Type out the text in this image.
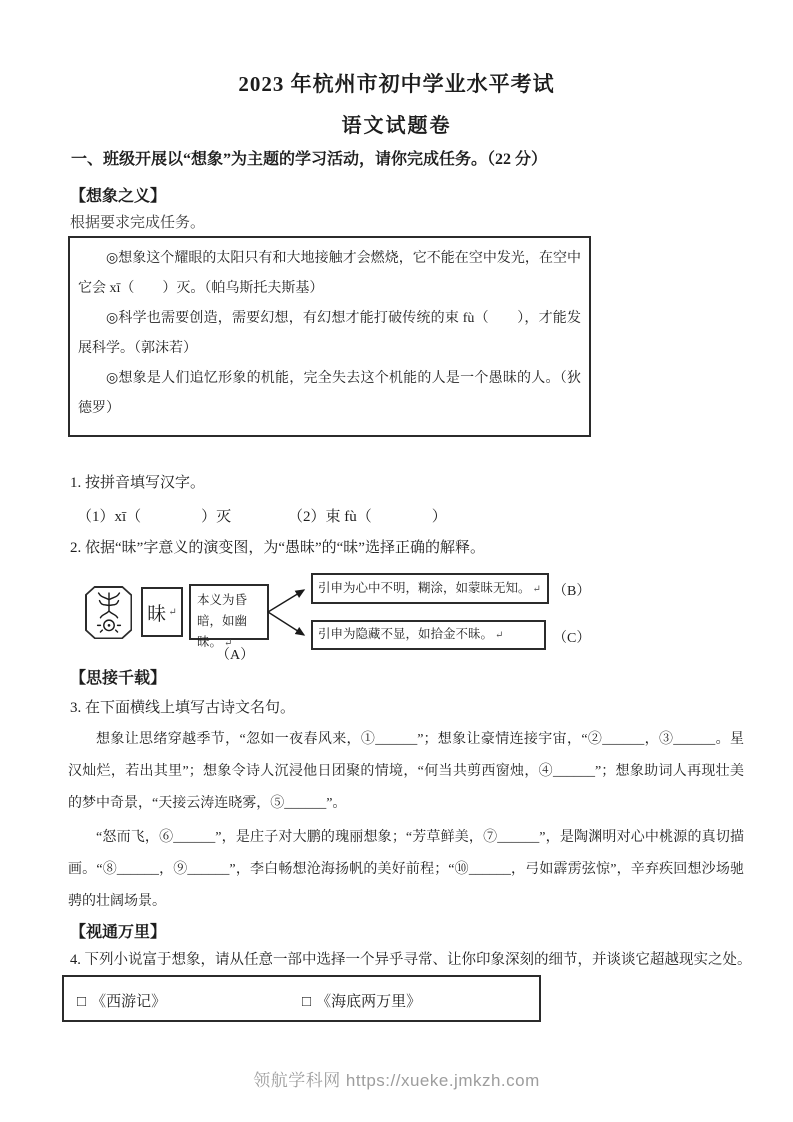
2023 年杭州市初中学业水平考试
语文试题卷
一、班级开展以“想象”为主题的学习活动，请你完成任务。（22 分）
【想象之义】
根据要求完成任务。

◎想象这个耀眼的太阳只有和大地接触才会燃烧，它不能在空中发光，在空中它会 xī（　　）灭。（帕乌斯托夫斯基）

◎科学也需要创造，需要幻想，有幻想才能打破传统的束 fù（　　），才能发展科学。（郭沫若）

◎想象是人们追忆形象的机能，完全失去这个机能的人是一个愚昧的人。（狄德罗）

1. 按拼音填写汉字。
（1）xī（　　　　）灭	（2）束 fù（　　　　）
2. 依据“昧”字意义的演变图，为“愚昧”的“昧”选择正确的解释。
昧 ↵
本义为昏暗，如幽昧。 ↵
（A）
引申为心中不明，糊涂，如蒙昧无知。 ↵ （B）
引申为隐藏不显，如拾金不昧。 ↵	（C）
【思接千载】
3. 在下面横线上填写古诗文名句。
想象让思绪穿越季节，“忽如一夜春风来，①______”；想象让豪情连接宇宙，“②______，③______。星汉灿烂，若出其里”；想象令诗人沉浸他日团聚的情境，“何当共剪西窗烛，④______”；想象助词人再现壮美的梦中奇景，“天接云涛连晓雾，⑤______”。
“怒而飞，⑥______”，是庄子对大鹏的瑰丽想象；“芳草鲜美，⑦______”，是陶渊明对心中桃源的真切描画。“⑧______，⑨______”，李白畅想沧海扬帆的美好前程；“⑩______，弓如霹雳弦惊”，辛弃疾回想沙场驰骋的壮阔场景。
【视通万里】
4. 下列小说富于想象，请从任意一部中选择一个异乎寻常、让你印象深刻的细节，并谈谈它超越现实之处。
□ 《西游记》	□ 《海底两万里》
领航学科网 https://xueke.jmkzh.com
